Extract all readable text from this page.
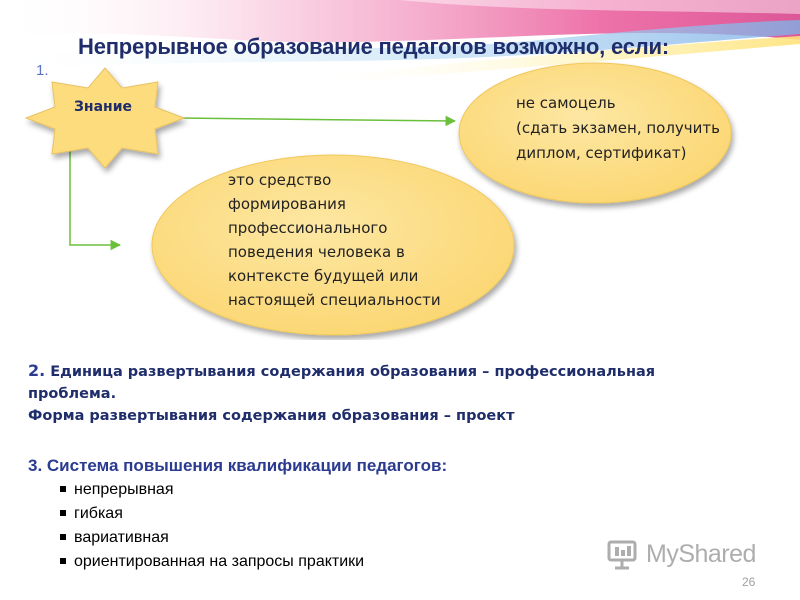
Непрерывное образование педагогов возможно, если:
1.
Знание	не самоцель
(сдать экзамен, получить
диплом, сертификат)
это средство
формирования
профессионального
поведения человека в
контексте будущей или
настоящей специальности
2. Единица развертывания содержания образования – профессиональная
проблема.
Форма развертывания содержания образования – проект
3. Система повышения квалификации педагогов:
непрерывная
гибкая
вариативная
ориентированная на запросы практики	MyShared
26
